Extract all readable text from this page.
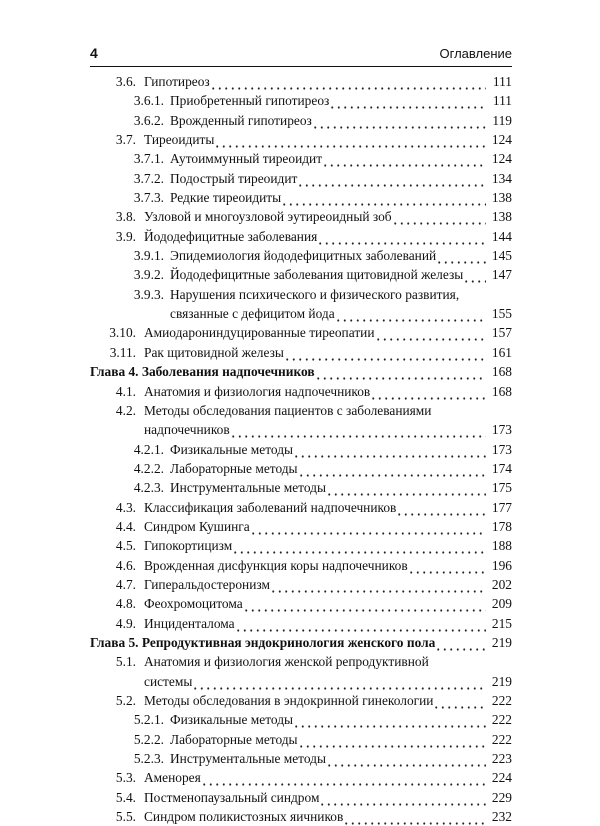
4	Оглавление
3.6. Гипотиреоз	111
3.6.1. Приобретенный гипотиреоз	111
3.6.2. Врожденный гипотиреоз	119
3.7. Тиреоидиты	124
3.7.1. Аутоиммунный тиреоидит	124
3.7.2. Подострый тиреоидит	134
3.7.3. Редкие тиреоидиты	138
3.8. Узловой и многоузловой эутиреоидный зоб	138
3.9. Йододефицитные заболевания	144
3.9.1. Эпидемиология йододефицитных заболеваний	145
3.9.2. Йододефицитные заболевания щитовидной железы	147
3.9.3. Нарушения психического и физического развития,
связанные с дефицитом йода	155
3.10. Амиодарониндуцированные тиреопатии	157
3.11. Рак щитовидной железы	161
Глава 4. Заболевания надпочечников	168
4.1. Анатомия и физиология надпочечников	168
4.2. Методы обследования пациентов с заболеваниями
надпочечников	173
4.2.1. Физикальные методы	173
4.2.2. Лабораторные методы	174
4.2.3. Инструментальные методы	175
4.3. Классификация заболеваний надпочечников	177
4.4. Синдром Кушинга	178
4.5. Гипокортицизм	188
4.6. Врожденная дисфункция коры надпочечников	196
4.7. Гиперальдостеронизм	202
4.8. Феохромоцитома	209
4.9. Инциденталома	215
Глава 5. Репродуктивная эндокринология женского пола	219
5.1. Анатомия и физиология женской репродуктивной
системы	219
5.2. Методы обследования в эндокринной гинекологии	222
5.2.1. Физикальные методы	222
5.2.2. Лабораторные методы	222
5.2.3. Инструментальные методы	223
5.3. Аменорея	224
5.4. Постменопаузальный синдром	229
5.5. Синдром поликистозных яичников	232
